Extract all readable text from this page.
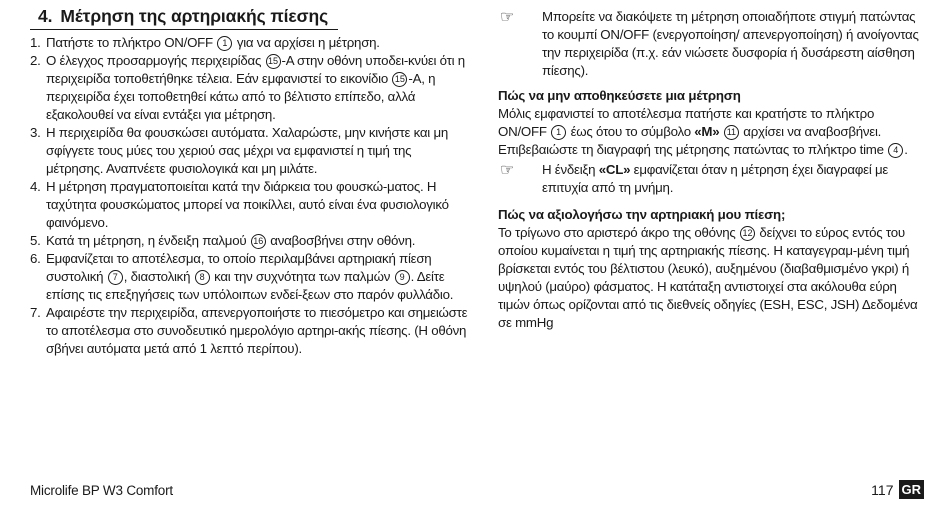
4. Μέτρηση της αρτηριακής πίεσης
1. Πατήστε το πλήκτρο ON/OFF 1 για να αρχίσει η μέτρηση.
2. Ο έλεγχος προσαρμογής περιχειρίδας 15 -A στην οθόνη υποδει-κνύει ότι η περιχειρίδα τοποθετήθηκε τέλεια. Εάν εμφανιστεί το εικονίδιο 15 -A, η περιχειρίδα έχει τοποθετηθεί κάτω από το βέλτιστο επίπεδο, αλλά εξακολουθεί να είναι εντάξει για μέτρηση.
3. Η περιχειρίδα θα φουσκώσει αυτόματα. Χαλαρώστε, μην κινήστε και μη σφίγγετε τους μύες του χεριού σας μέχρι να εμφανιστεί η τιμή της μέτρησης. Αναπνέετε φυσιολογικά και μη μιλάτε.
4. Η μέτρηση πραγματοποιείται κατά την διάρκεια του φουσκώ-ματος. Η ταχύτητα φουσκώματος μπορεί να ποικίλλει, αυτό είναι ένα φυσιολογικό φαινόμενο.
5. Κατά τη μέτρηση, η ένδειξη παλμού 16 αναβοσβήνει στην οθόνη.
6. Εμφανίζεται το αποτέλεσμα, το οποίο περιλαμβάνει αρτηριακή πίεση συστολική 7 , διαστολική 8 και την συχνότητα των παλμών 9 . Δείτε επίσης τις επεξηγήσεις των υπόλοιπων ενδεί-ξεων στο παρόν φυλλάδιο.
7. Αφαιρέστε την περιχειρίδα, απενεργοποιήστε το πιεσόμετρο και σημειώστε το αποτέλεσμα στο συνοδευτικό ημερολόγιο αρτηρι-ακής πίεσης. (Η οθόνη σβήνει αυτόματα μετά από 1 λεπτό περίπου).
☞ Μπορείτε να διακόψετε τη μέτρηση οποιαδήποτε στιγμή πατώντας το κουμπί ON/OFF (ενεργοποίηση/ απενεργοποίηση) ή ανοίγοντας την περιχειρίδα (π.χ. εάν νιώσετε δυσφορία ή δυσάρεστη αίσθηση πίεσης).
Πώς να μην αποθηκεύσετε μια μέτρηση
Μόλις εμφανιστεί το αποτέλεσμα πατήστε και κρατήστε το πλήκτρο ON/OFF 1 έως ότου το σύμβολο «M» 11 αρχίσει να αναβοσβήνει. Επιβεβαιώστε τη διαγραφή της μέτρησης πατώντας το πλήκτρο time 4 .
☞ Η ένδειξη «CL» εμφανίζεται όταν η μέτρηση έχει διαγραφεί με επιτυχία από τη μνήμη.
Πώς να αξιολογήσω την αρτηριακή μου πίεση;
Το τρίγωνο στο αριστερό άκρο της οθόνης 12 δείχνει το εύρος εντός του οποίου κυμαίνεται η τιμή της αρτηριακής πίεσης. Η καταγεγραμ-μένη τιμή βρίσκεται εντός του βέλτιστου (λευκό), αυξημένου (διαβαθμισμένο γκρι) ή υψηλού (μαύρο) φάσματος. Η κατάταξη αντιστοιχεί στα ακόλουθα εύρη τιμών όπως ορίζονται από τις διεθνείς οδηγίες (ESH, ESC, JSH) Δεδομένα σε mmHg
Microlife BP W3 Comfort	117 GR
